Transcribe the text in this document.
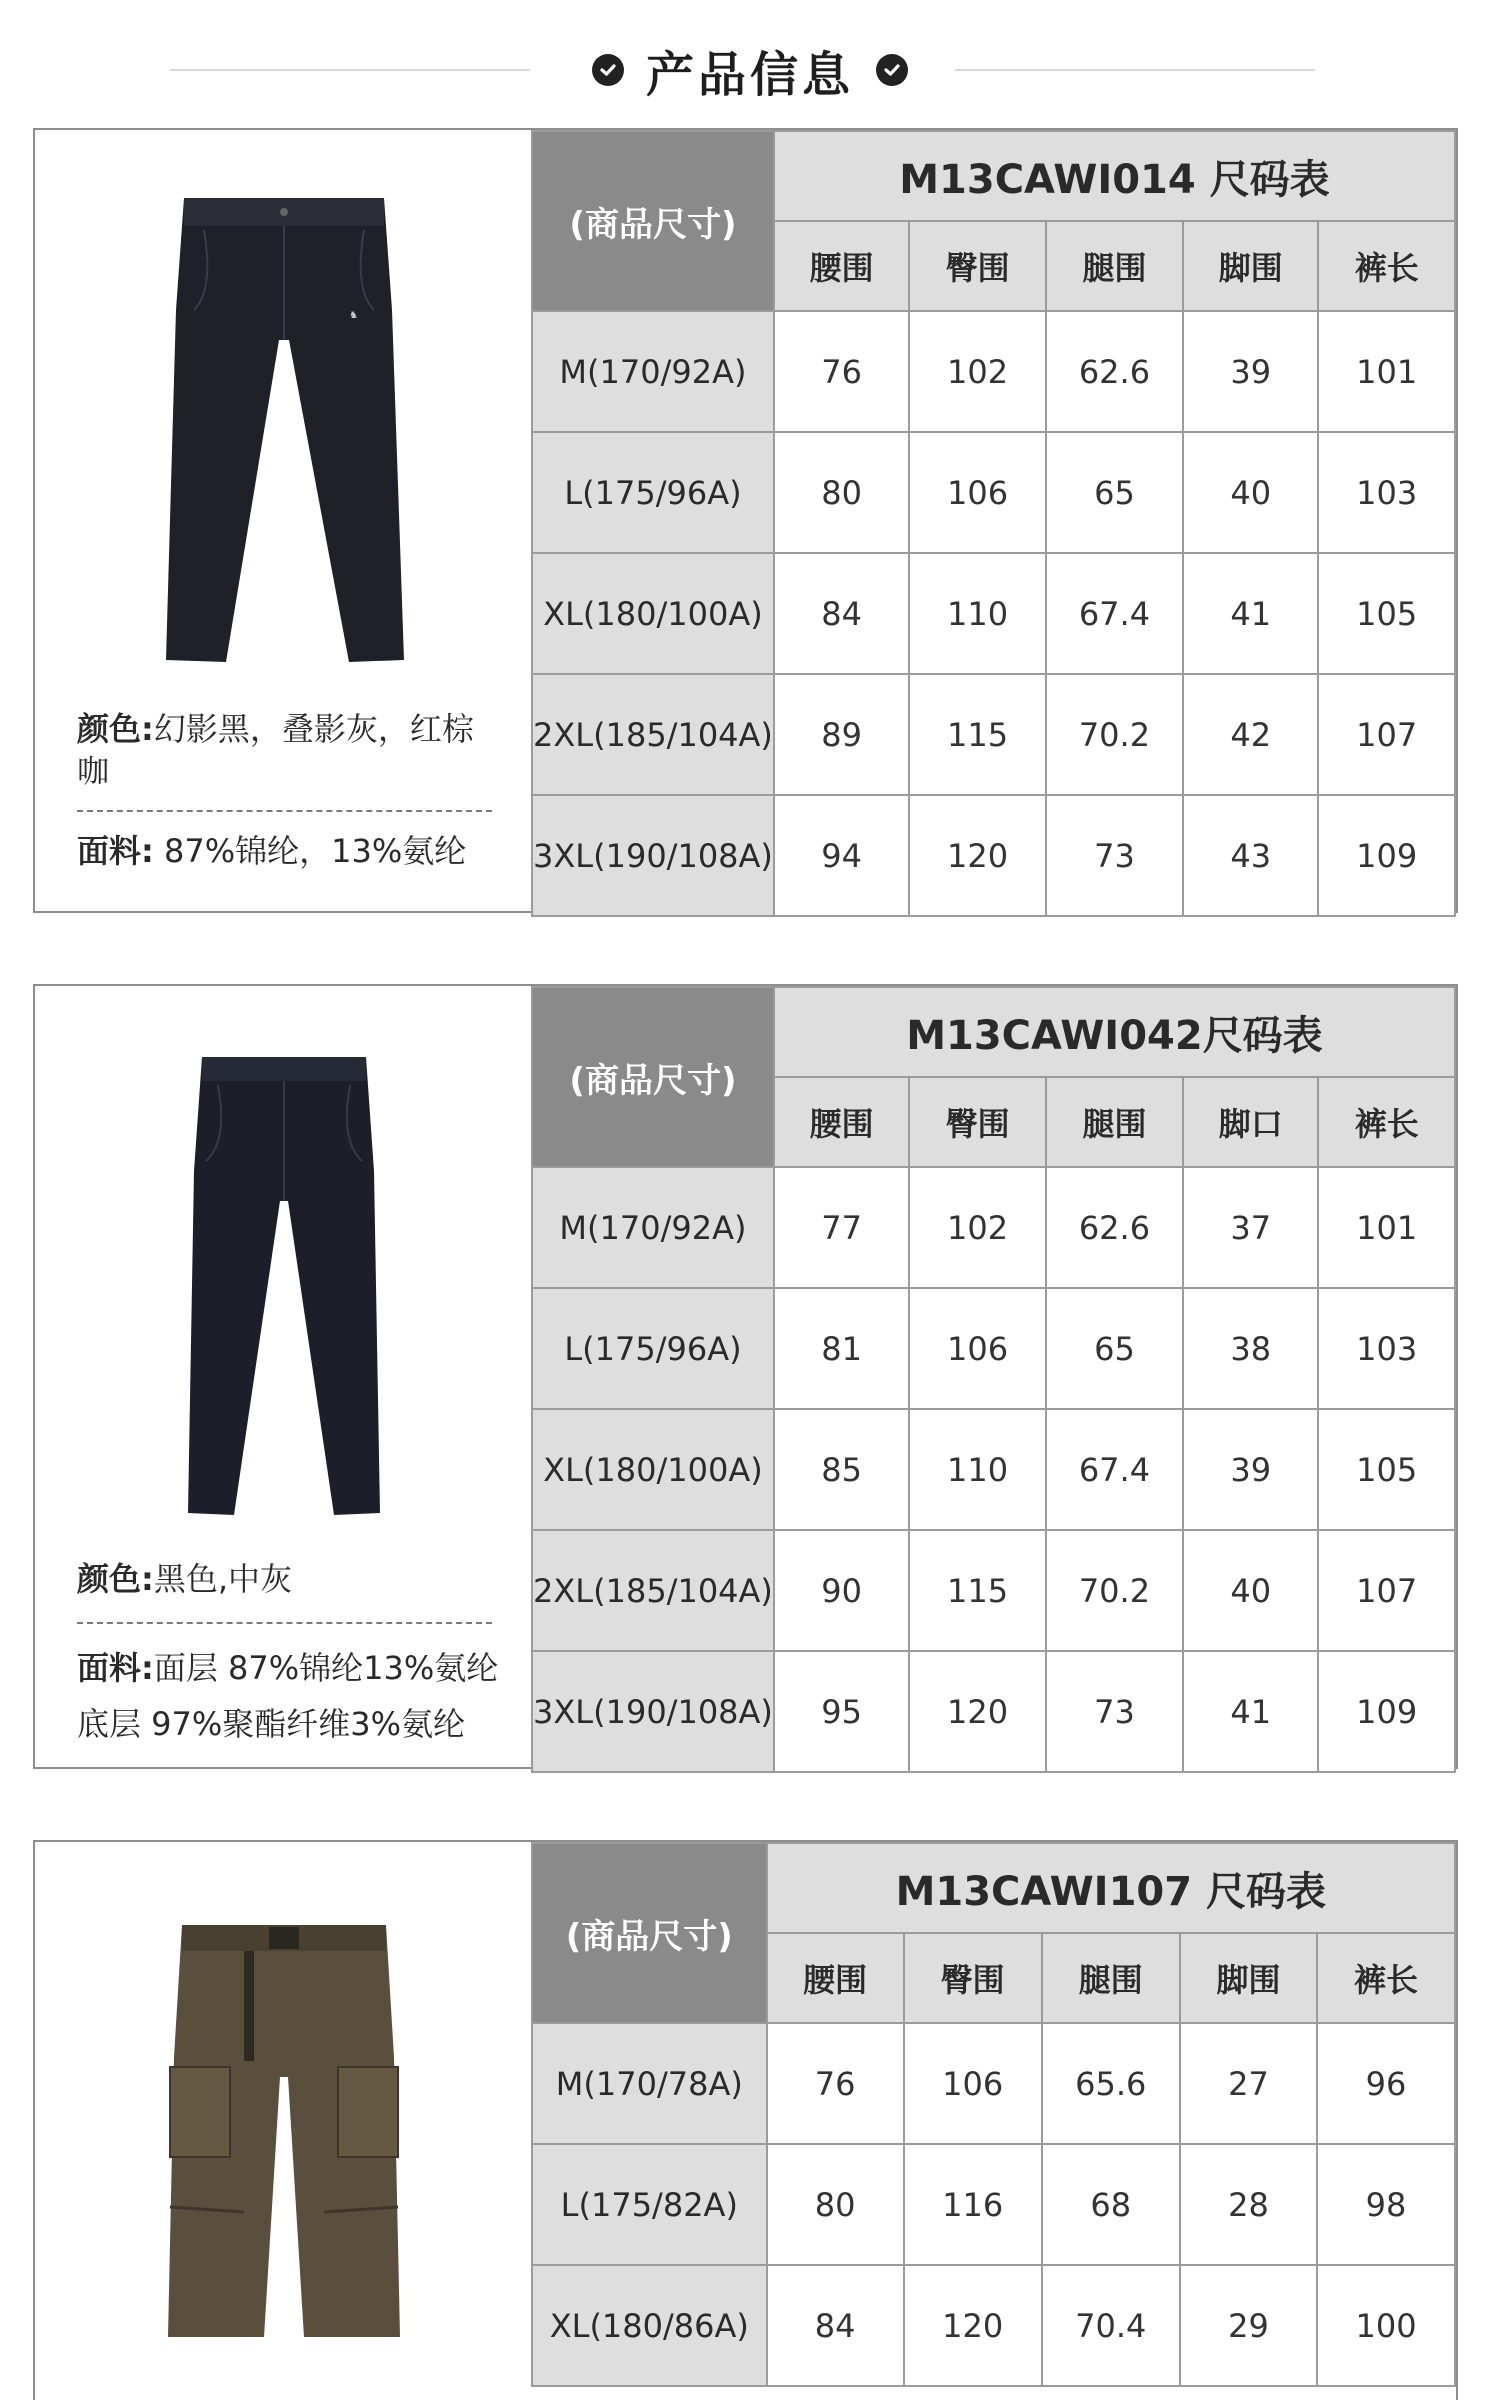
产品信息
♞
颜色:幻影黑，叠影灰，红棕咖
面料: 87%锦纶，13%氨纶
(商品尺寸)	M13CAWI014 尺码表				
	腰围	臀围	腿围	脚围	裤长
M(170/92A)	76	102	62.6	39	101
L(175/96A)	80	106	65	40	103
XL(180/100A)	84	110	67.4	41	105
2XL(185/104A)	89	115	70.2	42	107
3XL(190/108A)	94	120	73	43	109
颜色:黑色,中灰
面料:面层 87%锦纶13%氨纶
底层 97%聚酯纤维3%氨纶
(商品尺寸)	M13CAWI042尺码表				
	腰围	臀围	腿围	脚口	裤长
M(170/92A)	77	102	62.6	37	101
L(175/96A)	81	106	65	38	103
XL(180/100A)	85	110	67.4	39	105
2XL(185/104A)	90	115	70.2	40	107
3XL(190/108A)	95	120	73	41	109
(商品尺寸)	M13CAWI107 尺码表				
	腰围	臀围	腿围	脚围	裤长
M(170/78A)	76	106	65.6	27	96
L(175/82A)	80	116	68	28	98
XL(180/86A)	84	120	70.4	29	100
